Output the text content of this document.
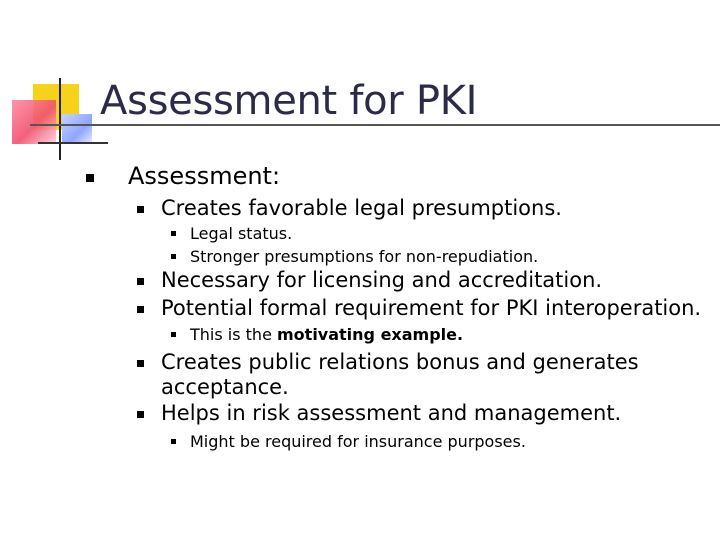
Assessment for PKI
Assessment:
Creates favorable legal presumptions.
Legal status.
Stronger presumptions for non-repudiation.
Necessary for licensing and accreditation.
Potential formal requirement for PKI interoperation.
This is the motivating example.
Creates public relations bonus and generates
acceptance.
Helps in risk assessment and management.
Might be required for insurance purposes.
